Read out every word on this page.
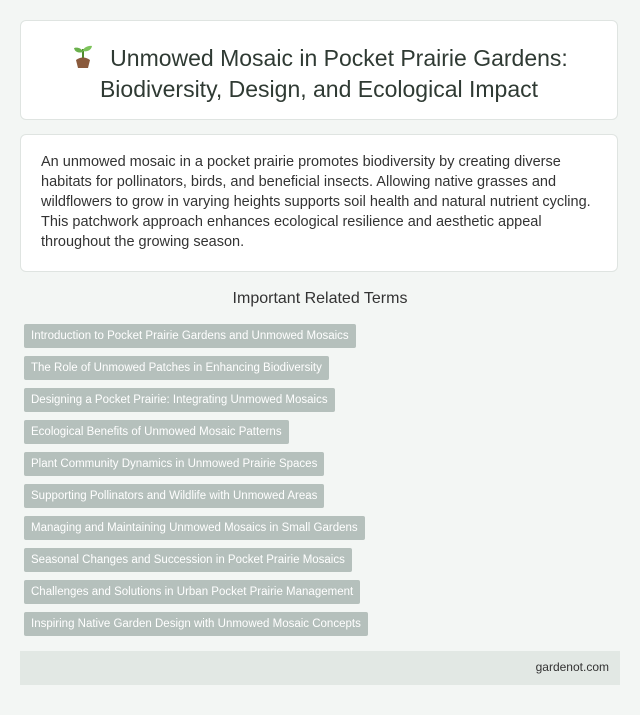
Unmowed Mosaic in Pocket Prairie Gardens:
Biodiversity, Design, and Ecological Impact
An unmowed mosaic in a pocket prairie promotes biodiversity by creating diverse habitats for pollinators, birds, and beneficial insects. Allowing native grasses and wildflowers to grow in varying heights supports soil health and natural nutrient cycling. This patchwork approach enhances ecological resilience and aesthetic appeal throughout the growing season.
Important Related Terms
Introduction to Pocket Prairie Gardens and Unmowed Mosaics
The Role of Unmowed Patches in Enhancing Biodiversity
Designing a Pocket Prairie: Integrating Unmowed Mosaics
Ecological Benefits of Unmowed Mosaic Patterns
Plant Community Dynamics in Unmowed Prairie Spaces
Supporting Pollinators and Wildlife with Unmowed Areas
Managing and Maintaining Unmowed Mosaics in Small Gardens
Seasonal Changes and Succession in Pocket Prairie Mosaics
Challenges and Solutions in Urban Pocket Prairie Management
Inspiring Native Garden Design with Unmowed Mosaic Concepts
gardenot.com
